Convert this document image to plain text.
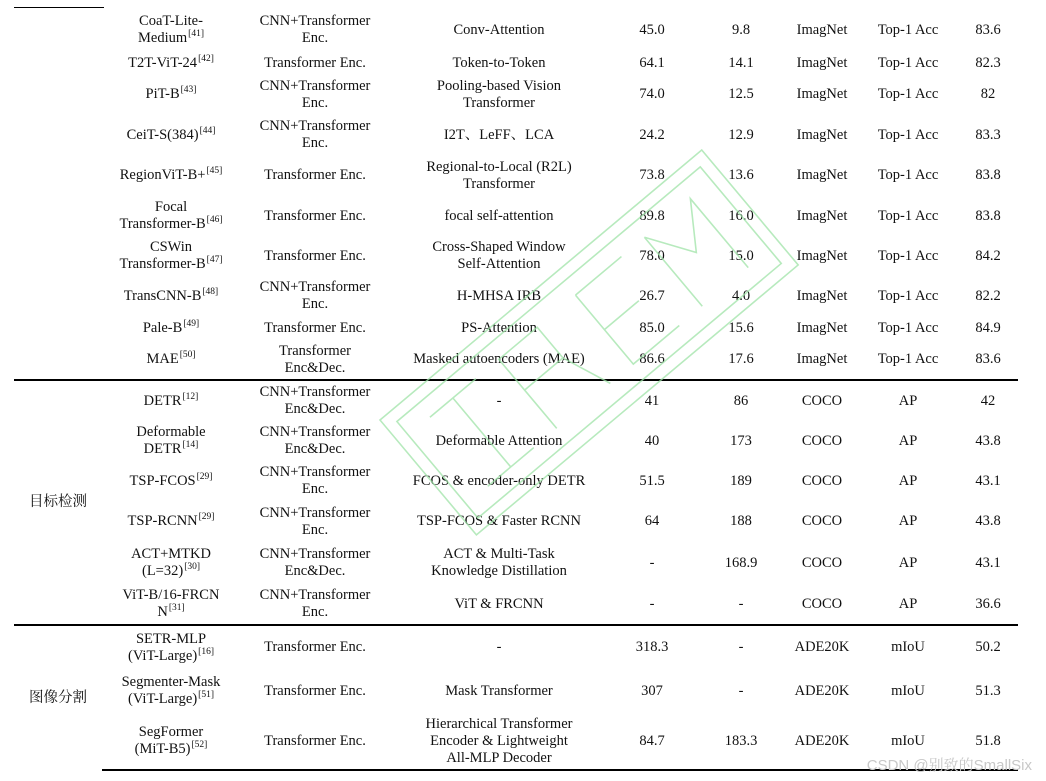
	CoaT-Lite-
Medium[41]	CNN+Transformer
Enc.	Conv-Attention	45.0	9.8	ImagNet	Top-1 Acc	83.6

	T2T-ViT-24[42]	Transformer Enc.	Token-to-Token	64.1	14.1	ImagNet	Top-1 Acc	82.3

	PiT-B[43]	CNN+Transformer
Enc.	Pooling-based Vision
Transformer	74.0	12.5	ImagNet	Top-1 Acc	82

	CeiT-S(384)[44]	CNN+Transformer
Enc.	I2T、LeFF、LCA	24.2	12.9	ImagNet	Top-1 Acc	83.3

	RegionViT-B+[45]	Transformer Enc.	Regional-to-Local (R2L)
Transformer	73.8	13.6	ImagNet	Top-1 Acc	83.8

	Focal
Transformer-B[46]	Transformer Enc.	focal self-attention	89.8	16.0	ImagNet	Top-1 Acc	83.8

	CSWin
Transformer-B[47]	Transformer Enc.	Cross-Shaped Window
Self-Attention	78.0	15.0	ImagNet	Top-1 Acc	84.2

	TransCNN-B[48]	CNN+Transformer
Enc.	H-MHSA IRB	26.7	4.0	ImagNet	Top-1 Acc	82.2

	Pale-B[49]	Transformer Enc.	PS-Attention	85.0	15.6	ImagNet	Top-1 Acc	84.9

	MAE[50]	Transformer
Enc&Dec.	Masked autoencoders (MAE)	86.6	17.6	ImagNet	Top-1 Acc	83.6

目标检测	DETR[12]	CNN+Transformer
Enc&Dec.	-	41	86	COCO	AP	42

	Deformable
DETR[14]	CNN+Transformer
Enc&Dec.	Deformable Attention	40	173	COCO	AP	43.8

	TSP-FCOS[29]	CNN+Transformer
Enc.	FCOS & encoder-only DETR	51.5	189	COCO	AP	43.1

	TSP-RCNN[29]	CNN+Transformer
Enc.	TSP-FCOS & Faster RCNN	64	188	COCO	AP	43.8

	ACT+MTKD
(L=32)[30]	CNN+Transformer
Enc&Dec.	ACT & Multi-Task
Knowledge Distillation	-	168.9	COCO	AP	43.1

	ViT-B/16-FRCN
N[31]	CNN+Transformer
Enc.	ViT & FRCNN	-	-	COCO	AP	36.6

图像分割	SETR-MLP
(ViT-Large)[16]	Transformer Enc.	-	318.3	-	ADE20K	mIoU	50.2

	Segmenter-Mask
(ViT-Large)[51]	Transformer Enc.	Mask Transformer	307	-	ADE20K	mIoU	51.3

	SegFormer
(MiT-B5)[52]	Transformer Enc.	Hierarchical Transformer
Encoder & Lightweight
All-MLP Decoder	84.7	183.3	ADE20K	mIoU	51.8
CSDN @别致的SmallSix
